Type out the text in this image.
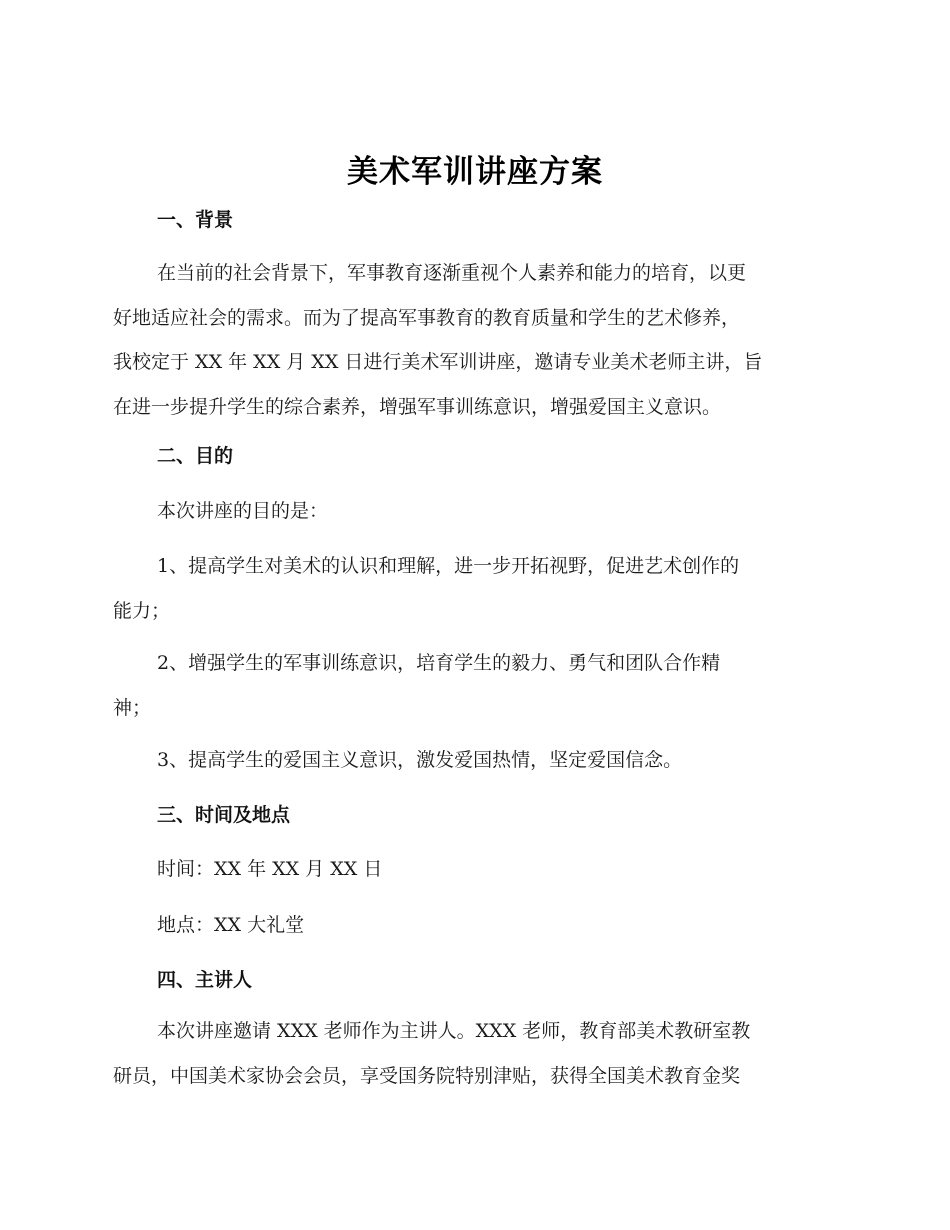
美术军训讲座方案
一、背景
在当前的社会背景下，军事教育逐渐重视个人素养和能力的培育，以更
好地适应社会的需求。而为了提高军事教育的教育质量和学生的艺术修养，
我校定于 XX 年 XX 月 XX 日进行美术军训讲座，邀请专业美术老师主讲，旨
在进一步提升学生的综合素养，增强军事训练意识，增强爱国主义意识。
二、目的
本次讲座的目的是：
1、提高学生对美术的认识和理解，进一步开拓视野，促进艺术创作的
能力；
2、增强学生的军事训练意识，培育学生的毅力、勇气和团队合作精
神；
3、提高学生的爱国主义意识，激发爱国热情，坚定爱国信念。
三、时间及地点
时间：XX 年 XX 月 XX 日
地点：XX 大礼堂
四、主讲人
本次讲座邀请 XXX 老师作为主讲人。XXX 老师，教育部美术教研室教
研员，中国美术家协会会员，享受国务院特别津贴，获得全国美术教育金奖
